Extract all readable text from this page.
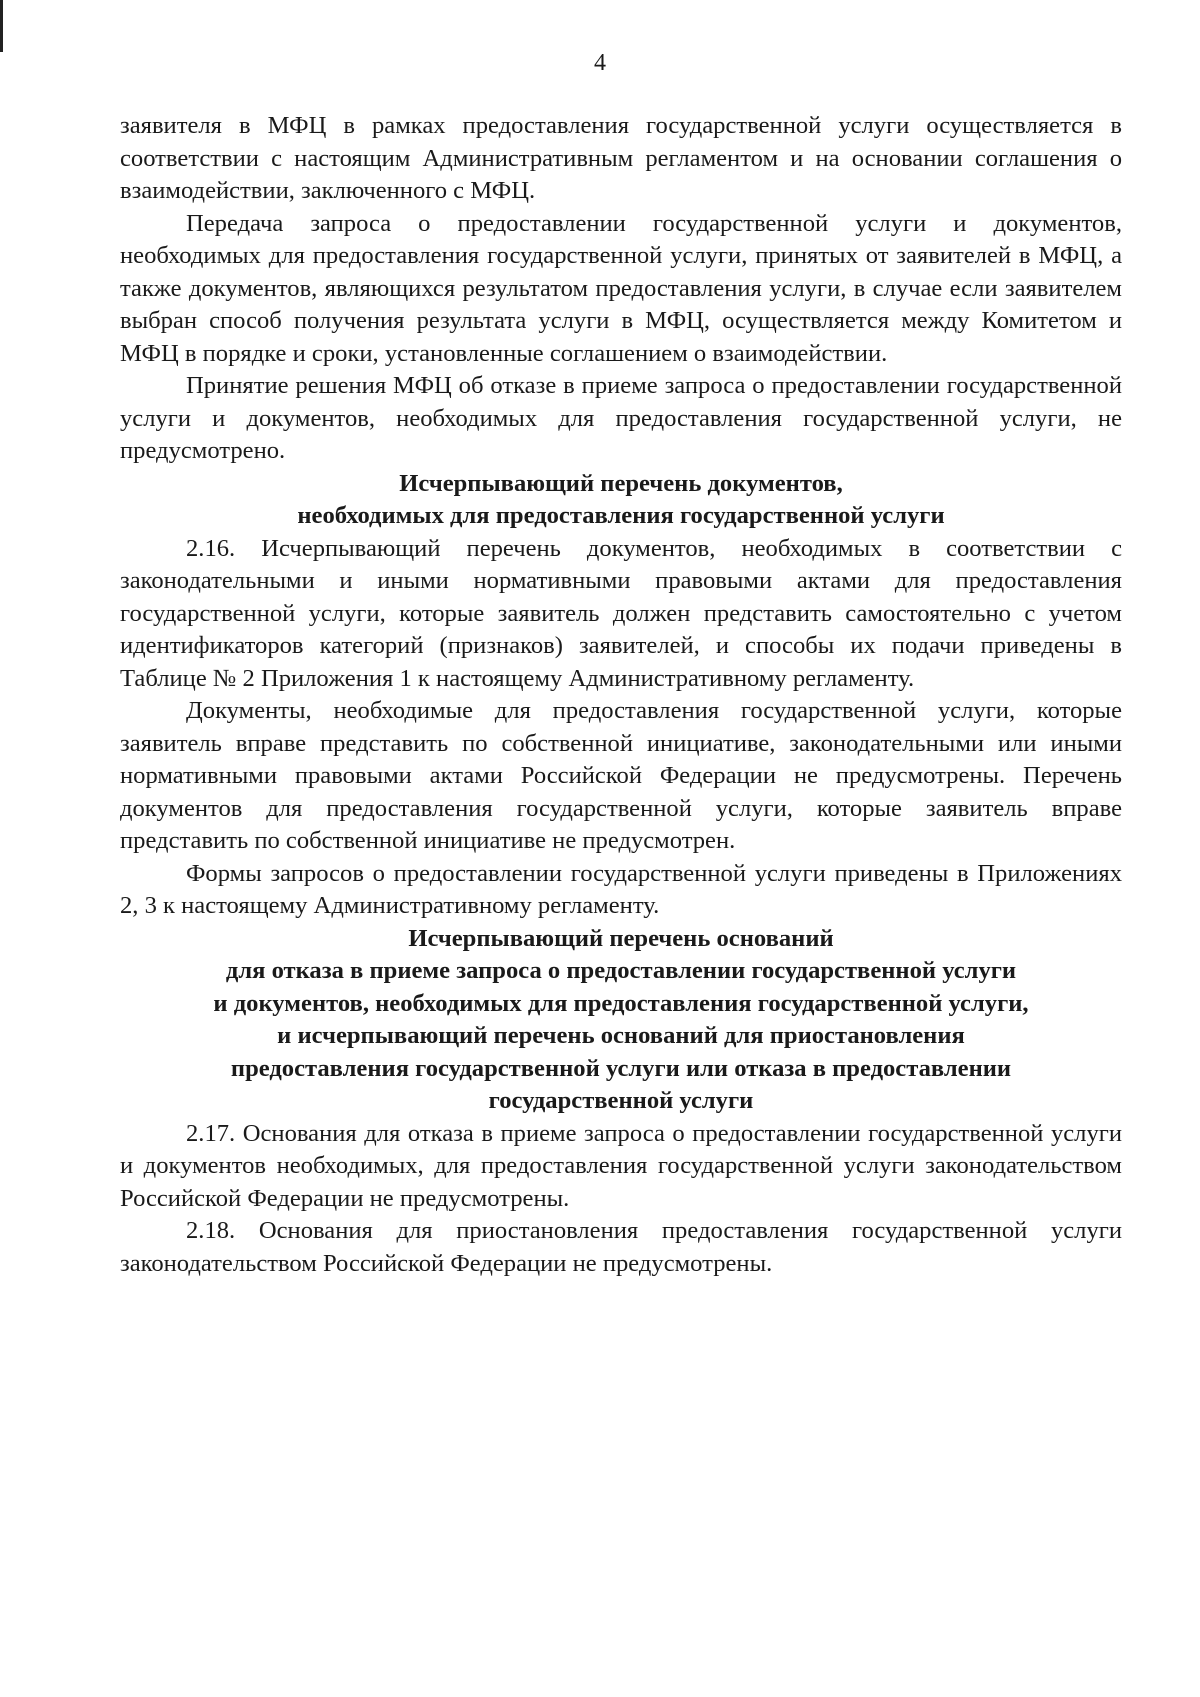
4

заявителя в МФЦ в рамках предоставления государственной услуги осуществляется в соответствии с настоящим Административным регламентом и на основании соглашения о взаимодействии, заключенного с МФЦ.

Передача запроса о предоставлении государственной услуги и документов, необходимых для предоставления государственной услуги, принятых от заявителей в МФЦ, а также документов, являющихся результатом предоставления услуги, в случае если заявителем выбран способ получения результата услуги в МФЦ, осуществляется между Комитетом и МФЦ в порядке и сроки, установленные соглашением о взаимодействии.

Принятие решения МФЦ об отказе в приеме запроса о предоставлении государственной услуги и документов, необходимых для предоставления государственной услуги, не предусмотрено.

Исчерпывающий перечень документов,
необходимых для предоставления государственной услуги

2.16. Исчерпывающий перечень документов, необходимых в соответствии с законодательными и иными нормативными правовыми актами для предоставления государственной услуги, которые заявитель должен представить самостоятельно с учетом идентификаторов категорий (признаков) заявителей, и способы их подачи приведены в Таблице № 2 Приложения 1 к настоящему Административному регламенту.

Документы, необходимые для предоставления государственной услуги, которые заявитель вправе представить по собственной инициативе, законодательными или иными нормативными правовыми актами Российской Федерации не предусмотрены. Перечень документов для предоставления государственной услуги, которые заявитель вправе представить по собственной инициативе не предусмотрен.

Формы запросов о предоставлении государственной услуги приведены в Приложениях 2, 3 к настоящему Административному регламенту.

Исчерпывающий перечень оснований
для отказа в приеме запроса о предоставлении государственной услуги
и документов, необходимых для предоставления государственной услуги,
и исчерпывающий перечень оснований для приостановления
предоставления государственной услуги или отказа в предоставлении
государственной услуги

2.17. Основания для отказа в приеме запроса о предоставлении государственной услуги и документов необходимых, для предоставления государственной услуги законодательством Российской Федерации не предусмотрены.

2.18. Основания для приостановления предоставления государственной услуги законодательством Российской Федерации не предусмотрены.
